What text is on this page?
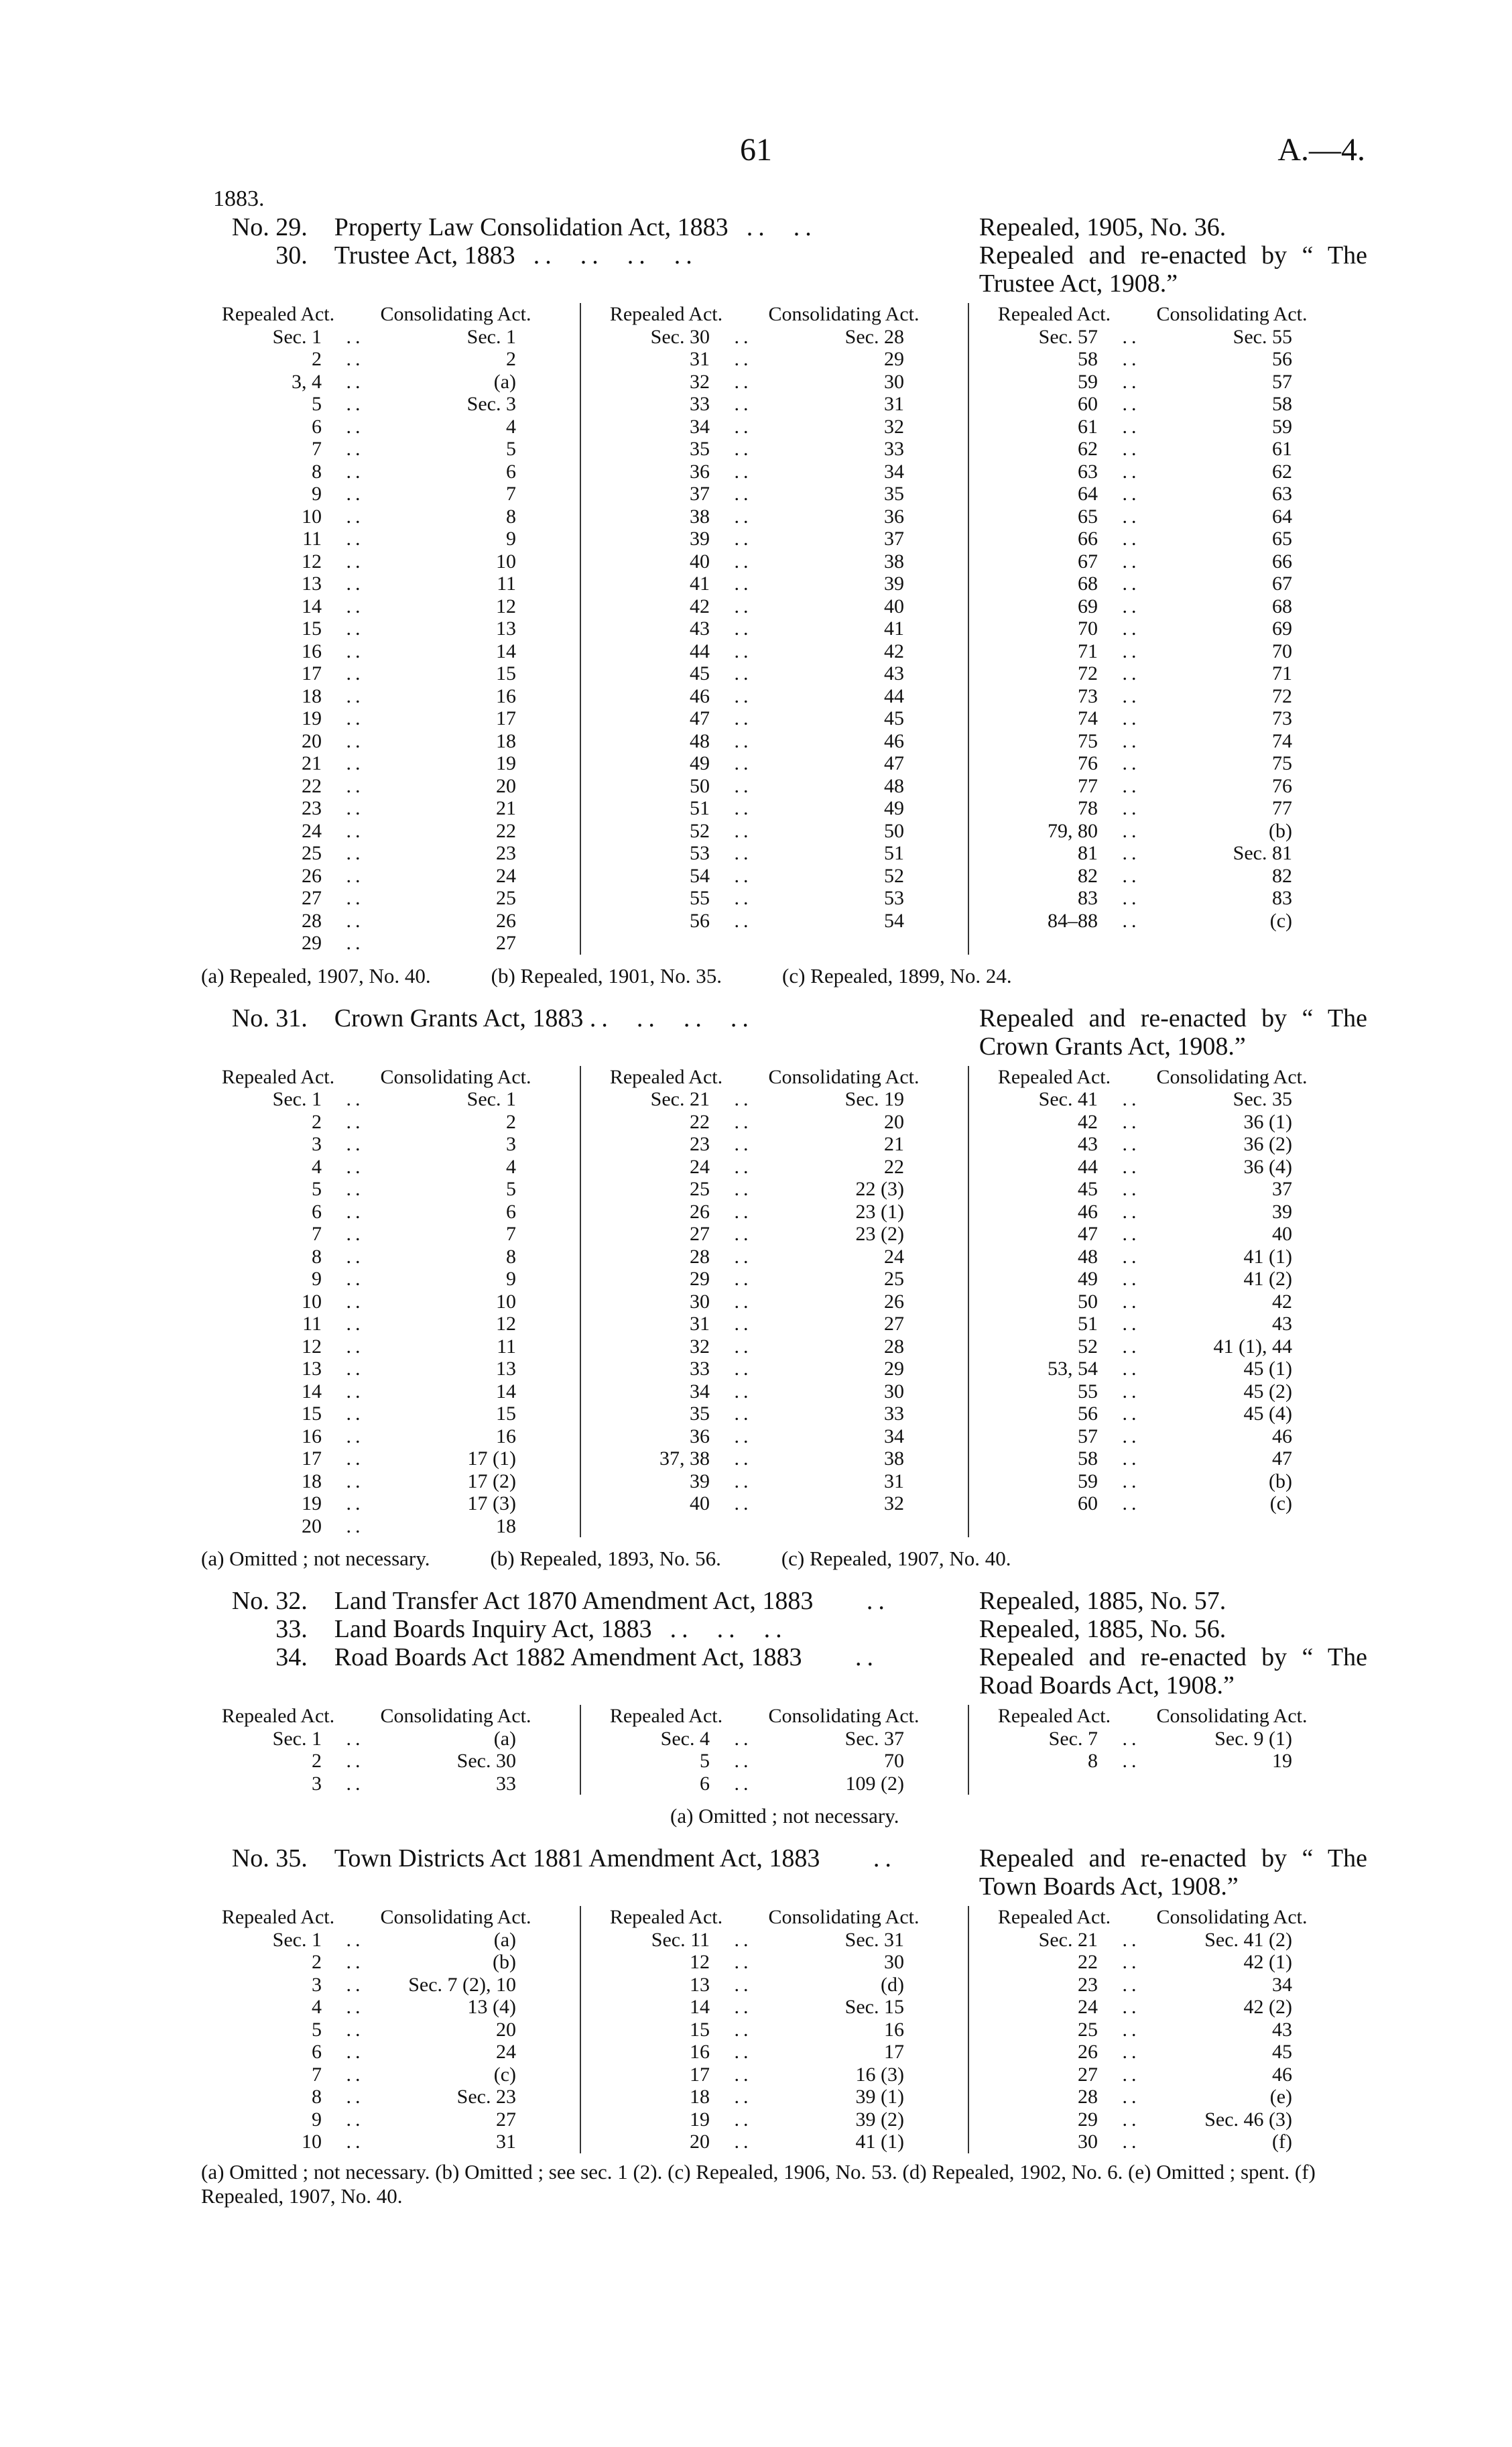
61	A.—4.
1883.
No. 29.	Property Law Consolidation Act, 1883  ..  ..	Repealed, 1905, No. 36.
30.	Trustee Act, 1883  ..  ..  ..  ..	Repealed and re-enacted by “ The Trustee Act, 1908.”
Repealed Act.	Consolidating Act.
Sec. 1	..	Sec. 1
2	..	2
3, 4	..	(a)
5	..	Sec. 3
6	..	4
7	..	5
8	..	6
9	..	7
10	..	8
11	..	9
12	..	10
13	..	11
14	..	12
15	..	13
16	..	14
17	..	15
18	..	16
19	..	17
20	..	18
21	..	19
22	..	20
23	..	21
24	..	22
25	..	23
26	..	24
27	..	25
28	..	26
29	..	27
Repealed Act.	Consolidating Act.
Sec. 30	..	Sec. 28
31	..	29
32	..	30
33	..	31
34	..	32
35	..	33
36	..	34
37	..	35
38	..	36
39	..	37
40	..	38
41	..	39
42	..	40
43	..	41
44	..	42
45	..	43
46	..	44
47	..	45
48	..	46
49	..	47
50	..	48
51	..	49
52	..	50
53	..	51
54	..	52
55	..	53
56	..	54
Repealed Act.	Consolidating Act.
Sec. 57	..	Sec. 55
58	..	56
59	..	57
60	..	58
61	..	59
62	..	61
63	..	62
64	..	63
65	..	64
66	..	65
67	..	66
68	..	67
69	..	68
70	..	69
71	..	70
72	..	71
73	..	72
74	..	73
75	..	74
76	..	75
77	..	76
78	..	77
79, 80	..	(b)
81	..	Sec. 81
82	..	82
83	..	83
84–88	..	(c)
(a) Repealed, 1907, No. 40.	(b) Repealed, 1901, No. 35.	(c) Repealed, 1899, No. 24.
No. 31.	Crown Grants Act, 1883 ..  ..  ..  ..	Repealed and re-enacted by “ The Crown Grants Act, 1908.”
Repealed Act.	Consolidating Act.
Sec. 1	..	Sec. 1
2	..	2
3	..	3
4	..	4
5	..	5
6	..	6
7	..	7
8	..	8
9	..	9
10	..	10
11	..	12
12	..	11
13	..	13
14	..	14
15	..	15
16	..	16
17	..	17 (1)
18	..	17 (2)
19	..	17 (3)
20	..	18
Repealed Act.	Consolidating Act.
Sec. 21	..	Sec. 19
22	..	20
23	..	21
24	..	22
25	..	22 (3)
26	..	23 (1)
27	..	23 (2)
28	..	24
29	..	25
30	..	26
31	..	27
32	..	28
33	..	29
34	..	30
35	..	33
36	..	34
37, 38	..	38
39	..	31
40	..	32
Repealed Act.	Consolidating Act.
Sec. 41	..	Sec. 35
42	..	36 (1)
43	..	36 (2)
44	..	36 (4)
45	..	37
46	..	39
47	..	40
48	..	41 (1)
49	..	41 (2)
50	..	42
51	..	43
52	..	41 (1), 44
53, 54	..	45 (1)
55	..	45 (2)
56	..	45 (4)
57	..	46
58	..	47
59	..	(b)
60	..	(c)
(a) Omitted ; not necessary.	(b) Repealed, 1893, No. 56.	(c) Repealed, 1907, No. 40.
No. 32.	Land Transfer Act 1870 Amendment Act, 1883     ..	Repealed, 1885, No. 57.
33.	Land Boards Inquiry Act, 1883  ..  ..  ..	Repealed, 1885, No. 56.
34.	Road Boards Act 1882 Amendment Act, 1883     ..	Repealed and re-enacted by “ The Road Boards Act, 1908.”
Repealed Act.	Consolidating Act.
Sec. 1	..	(a)
2	..	Sec. 30
3	..	33
Repealed Act.	Consolidating Act.
Sec. 4	..	Sec. 37
5	..	70
6	..	109 (2)
Repealed Act.	Consolidating Act.
Sec. 7	..	Sec. 9 (1)
8	..	19
(a) Omitted ; not necessary.
No. 35.	Town Districts Act 1881 Amendment Act, 1883     ..	Repealed and re-enacted by “ The Town Boards Act, 1908.”
Repealed Act.	Consolidating Act.
Sec. 1	..	(a)
2	..	(b)
3	..	Sec. 7 (2), 10
4	..	13 (4)
5	..	20
6	..	24
7	..	(c)
8	..	Sec. 23
9	..	27
10	..	31
Repealed Act.	Consolidating Act.
Sec. 11	..	Sec. 31
12	..	30
13	..	(d)
14	..	Sec. 15
15	..	16
16	..	17
17	..	16 (3)
18	..	39 (1)
19	..	39 (2)
20	..	41 (1)
Repealed Act.	Consolidating Act.
Sec. 21	..	Sec. 41 (2)
22	..	42 (1)
23	..	34
24	..	42 (2)
25	..	43
26	..	45
27	..	46
28	..	(e)
29	..	Sec. 46 (3)
30	..	(f)
(a) Omitted ; not necessary. (b) Omitted ; see sec. 1 (2). (c) Repealed, 1906, No. 53. (d) Repealed, 1902, No. 6. (e) Omitted ; spent. (f) Repealed, 1907, No. 40.
